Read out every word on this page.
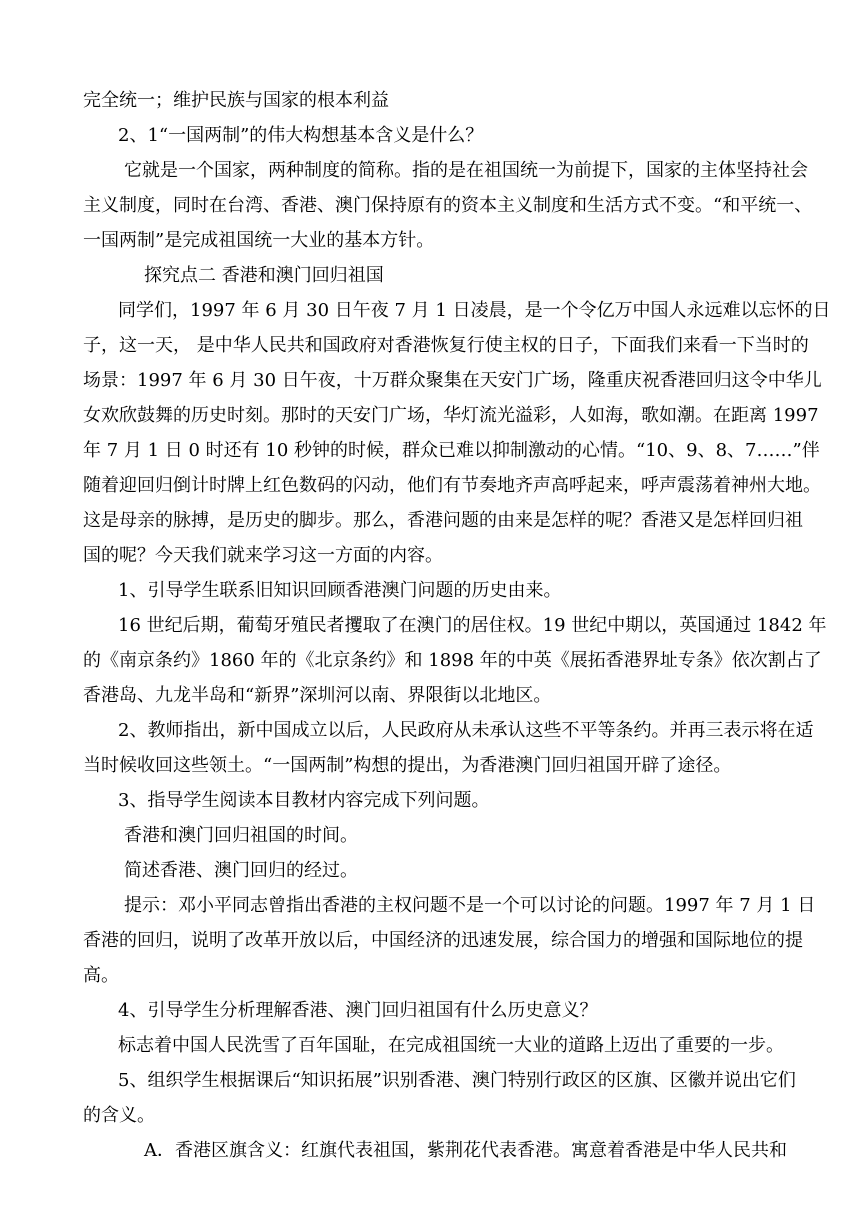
完全统一；维护民族与国家的根本利益
2、1“一国两制”的伟大构想基本含义是什么？
它就是一个国家，两种制度的简称。指的是在祖国统一为前提下，国家的主体坚持社会
主义制度，同时在台湾、香港、澳门保持原有的资本主义制度和生活方式不变。“和平统一、
一国两制”是完成祖国统一大业的基本方针。
探究点二 香港和澳门回归祖国
同学们，1997 年 6 月 30 日午夜 7 月 1 日凌晨，是一个令亿万中国人永远难以忘怀的日
子，这一天， 是中华人民共和国政府对香港恢复行使主权的日子，下面我们来看一下当时的
场景：1997 年 6 月 30 日午夜，十万群众聚集在天安门广场，隆重庆祝香港回归这令中华儿
女欢欣鼓舞的历史时刻。那时的天安门广场，华灯流光溢彩，人如海，歌如潮。在距离 1997
年 7 月 1 日 0 时还有 10 秒钟的时候，群众已难以抑制激动的心情。“10、9、8、7……”伴
随着迎回归倒计时牌上红色数码的闪动，他们有节奏地齐声高呼起来，呼声震荡着神州大地。
这是母亲的脉搏，是历史的脚步。那么，香港问题的由来是怎样的呢？香港又是怎样回归祖
国的呢？今天我们就来学习这一方面的内容。
1、引导学生联系旧知识回顾香港澳门问题的历史由来。
16 世纪后期，葡萄牙殖民者攫取了在澳门的居住权。19 世纪中期以，英国通过 1842 年
的《南京条约》1860 年的《北京条约》和 1898 年的中英《展拓香港界址专条》依次割占了
香港岛、九龙半岛和“新界”深圳河以南、界限街以北地区。
2、教师指出，新中国成立以后，人民政府从未承认这些不平等条约。并再三表示将在适
当时候收回这些领土。“一国两制”构想的提出，为香港澳门回归祖国开辟了途径。
3、指导学生阅读本目教材内容完成下列问题。
香港和澳门回归祖国的时间。
简述香港、澳门回归的经过。
提示：邓小平同志曾指出香港的主权问题不是一个可以讨论的问题。1997 年 7 月 1 日
香港的回归，说明了改革开放以后，中国经济的迅速发展，综合国力的增强和国际地位的提
高。
4、引导学生分析理解香港、澳门回归祖国有什么历史意义？
标志着中国人民洗雪了百年国耻，在完成祖国统一大业的道路上迈出了重要的一步。
5、组织学生根据课后“知识拓展”识别香港、澳门特别行政区的区旗、区徽并说出它们
的含义。
A．香港区旗含义：红旗代表祖国，紫荆花代表香港。寓意着香港是中华人民共和
